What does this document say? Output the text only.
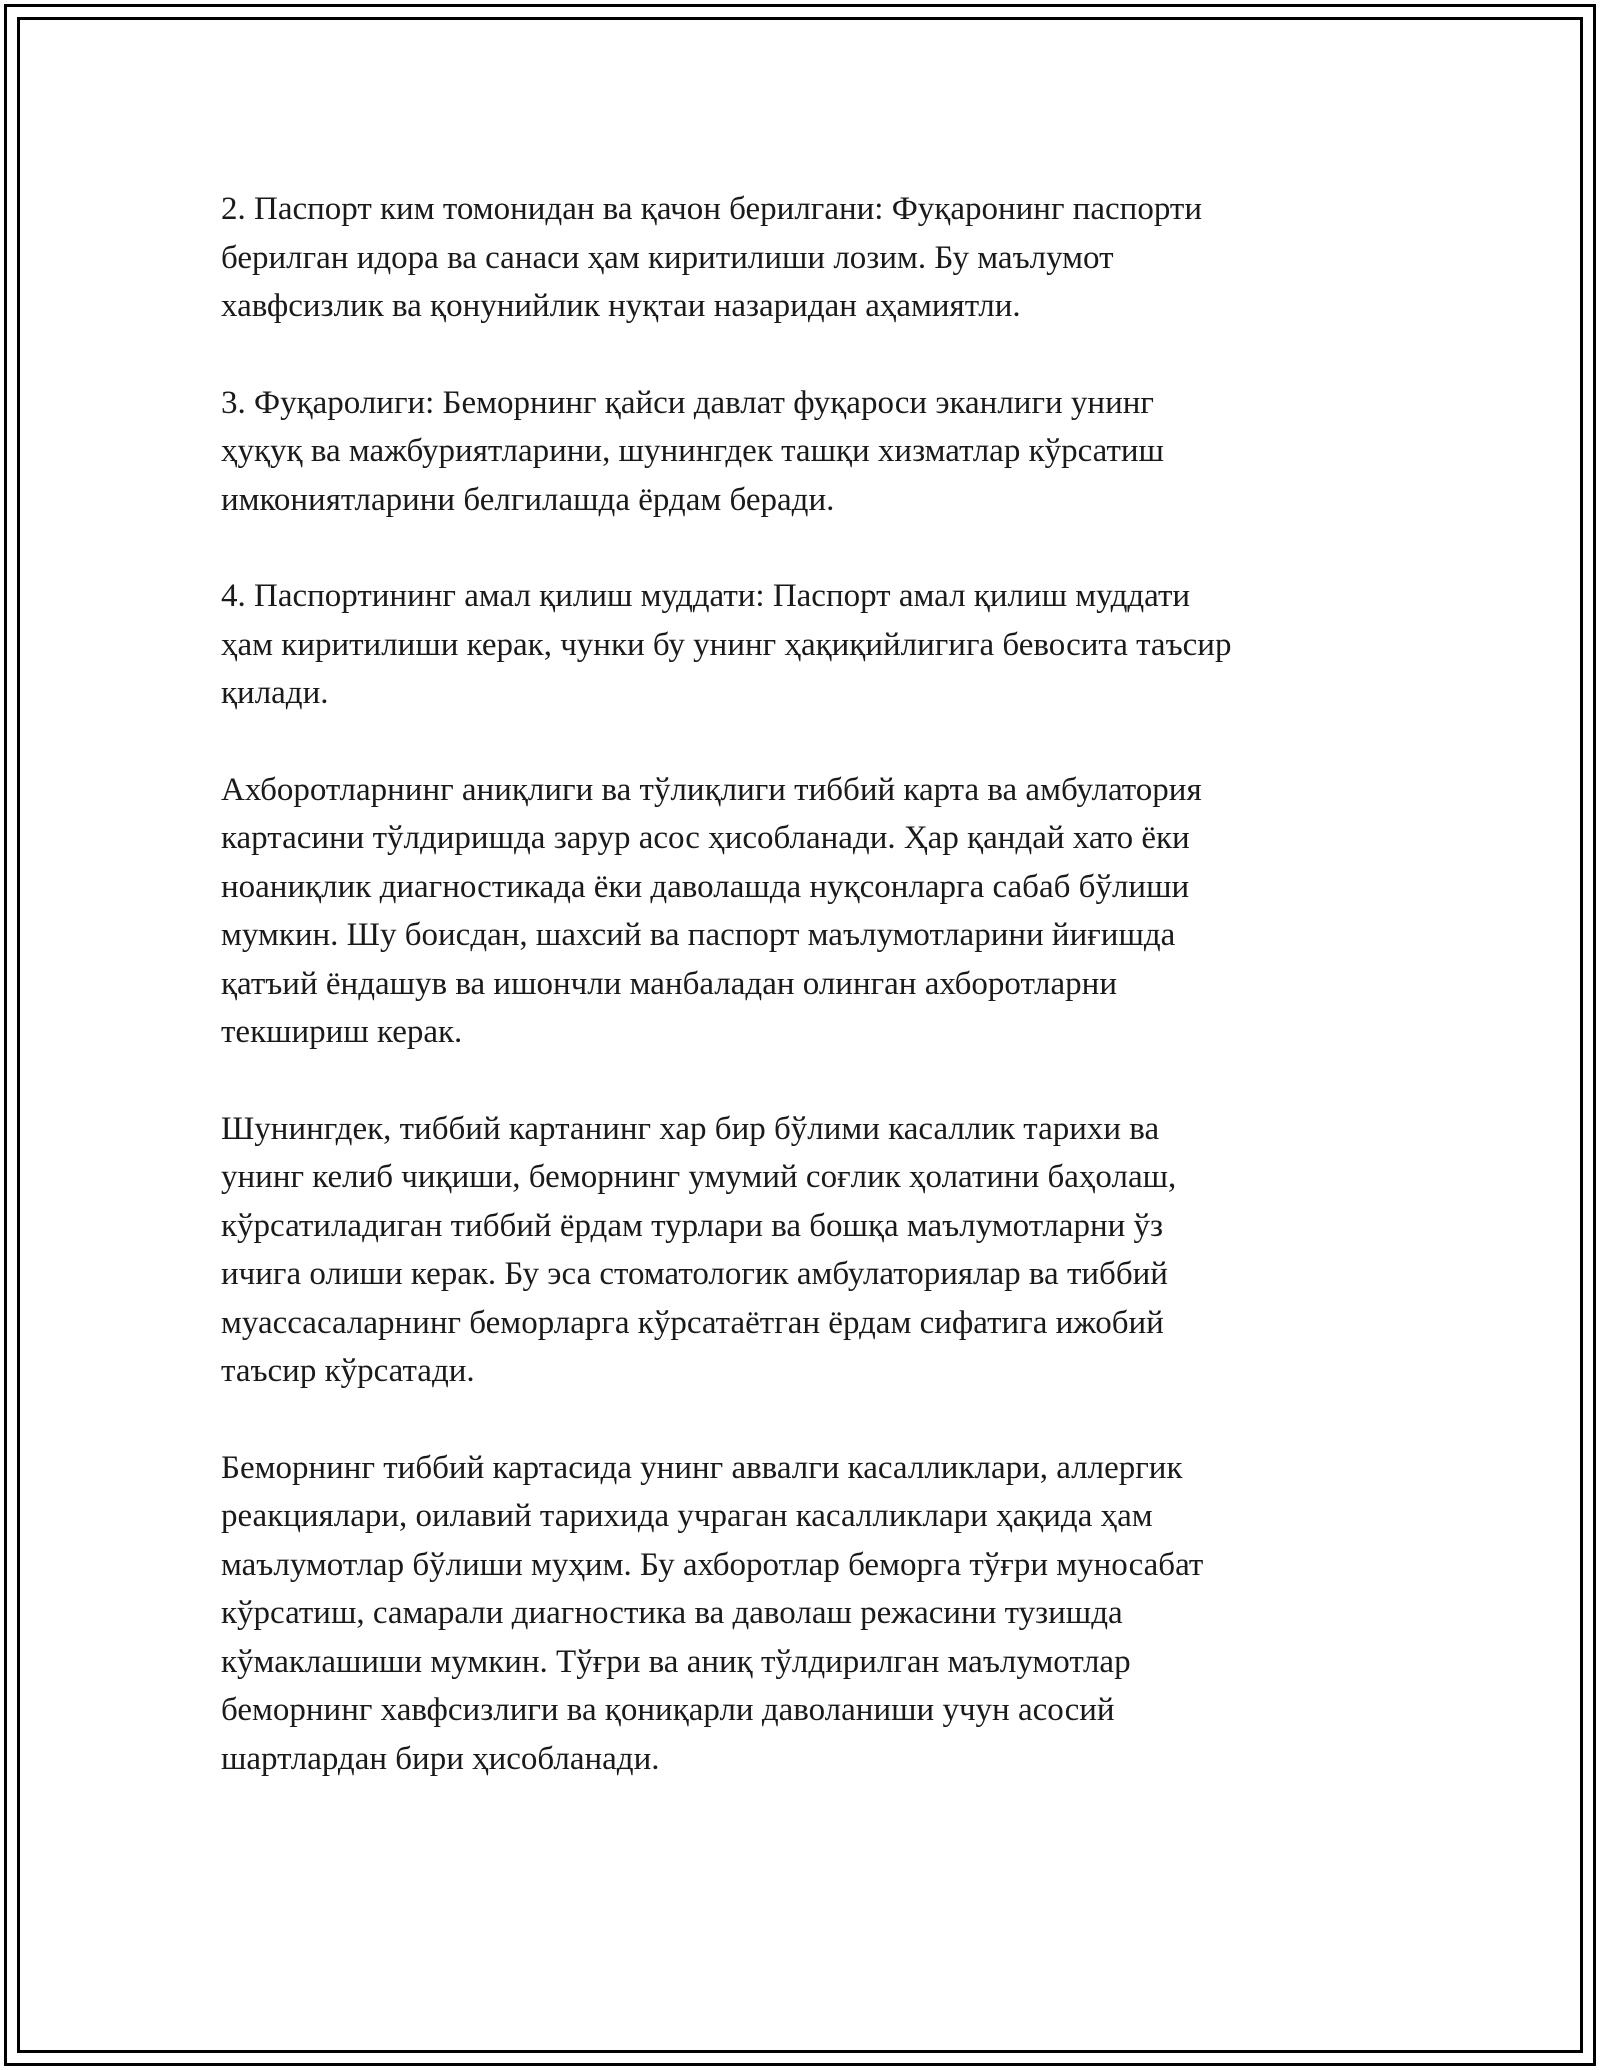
2. Паспорт ким томонидан ва қачон берилгани: Фуқаронинг паспорти
берилган идора ва санаси ҳам киритилиши лозим. Бу маълумот
хавфсизлик ва қонунийлик нуқтаи назаридан аҳамиятли.

3. Фуқаролиги: Беморнинг қайси давлат фуқароси эканлиги унинг
ҳуқуқ ва мажбуриятларини, шунингдек ташқи хизматлар кўрсатиш
имкониятларини белгилашда ёрдам беради.

4. Паспортининг амал қилиш муддати: Паспорт амал қилиш муддати
ҳам киритилиши керак, чунки бу унинг ҳақиқийлигига бевосита таъсир
қилади.

Ахборотларнинг аниқлиги ва тўлиқлиги тиббий карта ва амбулатория
картасини тўлдиришда зарур асос ҳисобланади. Ҳар қандай хато ёки
ноаниқлик диагностикада ёки даволашда нуқсонларга сабаб бўлиши
мумкин. Шу боисдан, шахсий ва паспорт маълумотларини йиғишда
қатъий ёндашув ва ишончли манбаладан олинган ахборотларни
текшириш керак.

Шунингдек, тиббий картанинг хар бир бўлими касаллик тарихи ва
унинг келиб чиқиши, беморнинг умумий соғлик ҳолатини баҳолаш,
кўрсатиладиган тиббий ёрдам турлари ва бошқа маълумотларни ўз
ичига олиши керак. Бу эса стоматологик амбулаториялар ва тиббий
муассасаларнинг беморларга кўрсатаётган ёрдам сифатига ижобий
таъсир кўрсатади.

Беморнинг тиббий картасида унинг аввалги касалликлари, аллергик
реакциялари, оилавий тарихида учраган касалликлари ҳақида ҳам
маълумотлар бўлиши муҳим. Бу ахборотлар беморга тўғри муносабат
кўрсатиш, самарали диагностика ва даволаш режасини тузишда
кўмаклашиши мумкин. Тўғри ва аниқ тўлдирилган маълумотлар
беморнинг хавфсизлиги ва қониқарли даволаниши учун асосий
шартлардан бири ҳисобланади.
